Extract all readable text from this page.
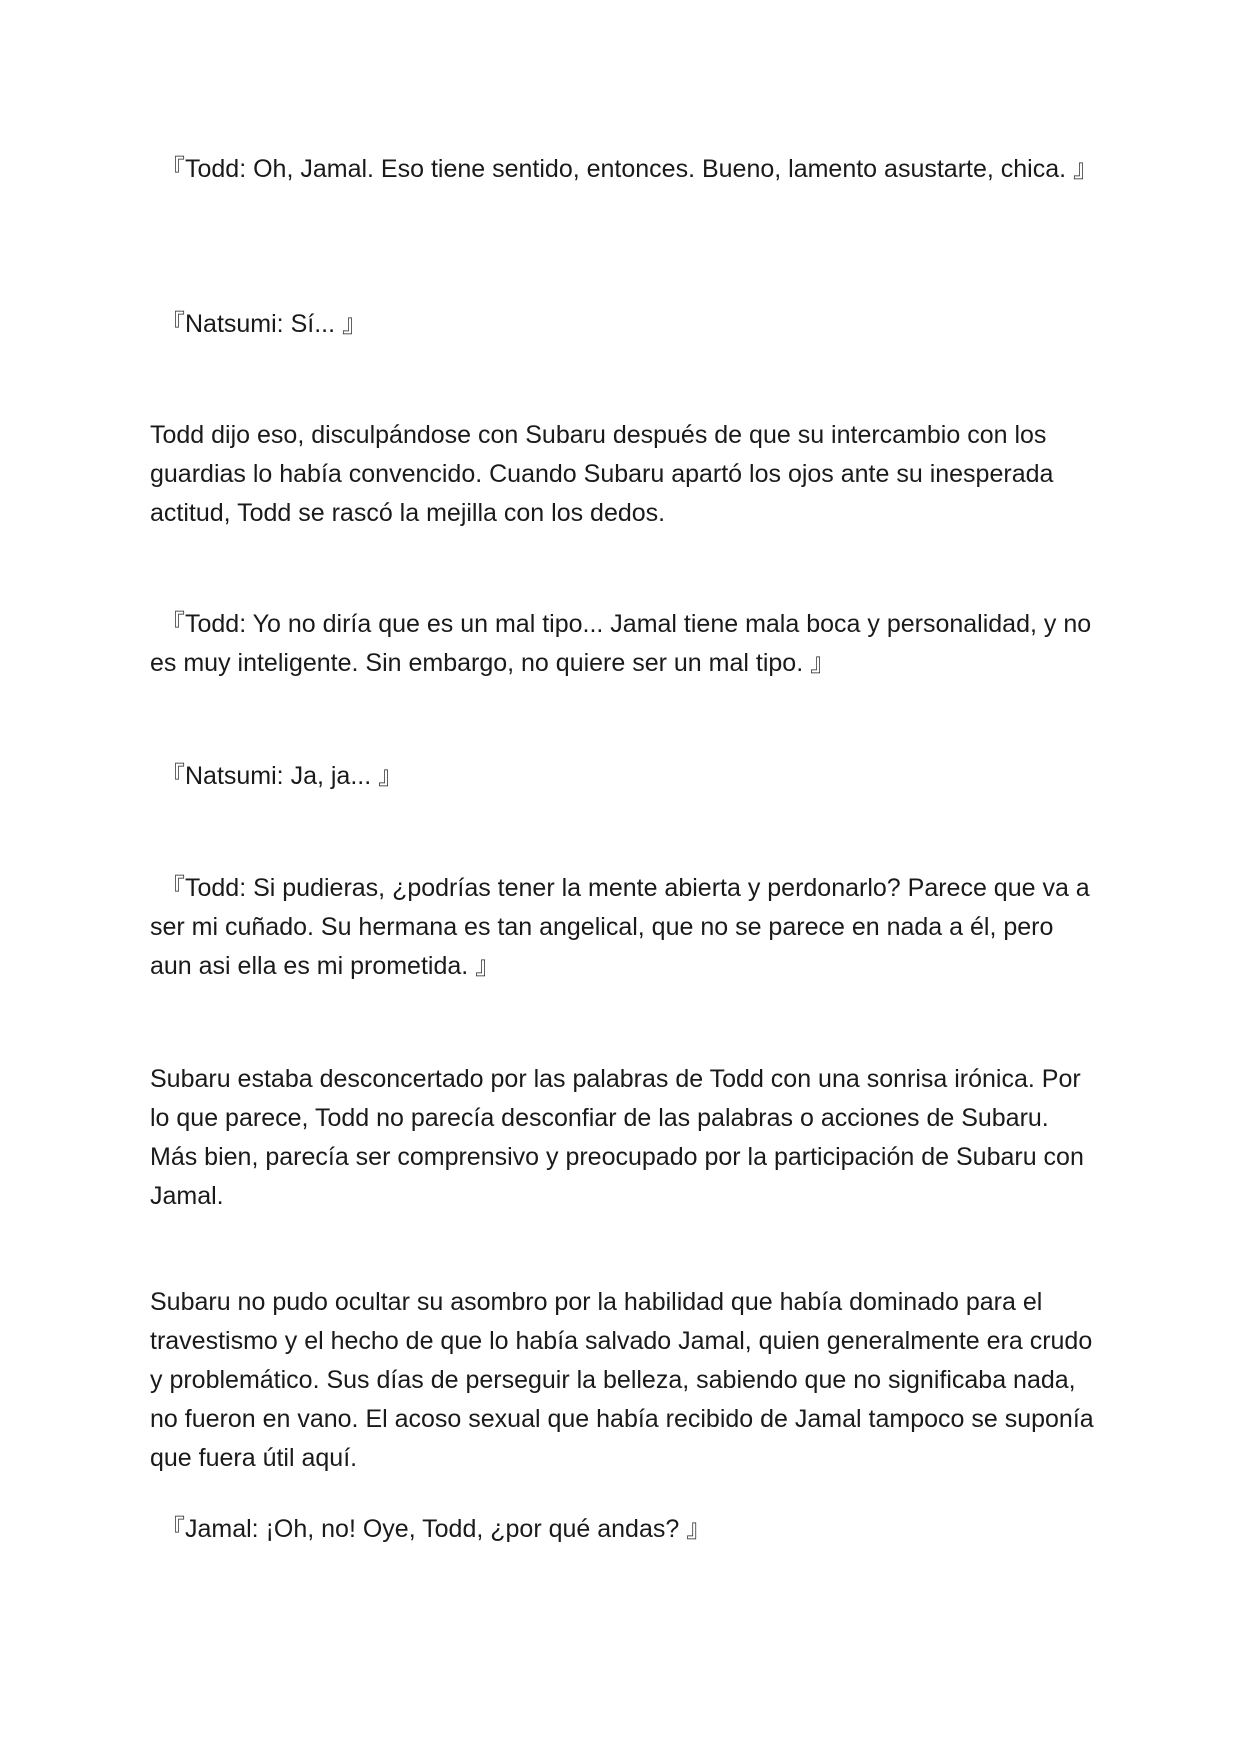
『Todd: Oh, Jamal. Eso tiene sentido, entonces. Bueno, lamento asustarte, chica. 』

『Natsumi: Sí... 』

Todd dijo eso, disculpándose con Subaru después de que su intercambio con los guardias lo había convencido. Cuando Subaru apartó los ojos ante su inesperada actitud, Todd se rascó la mejilla con los dedos.

『Todd: Yo no diría que es un mal tipo... Jamal tiene mala boca y personalidad, y no es muy inteligente. Sin embargo, no quiere ser un mal tipo. 』

『Natsumi: Ja, ja... 』

『Todd: Si pudieras, ¿podrías tener la mente abierta y perdonarlo? Parece que va a ser mi cuñado. Su hermana es tan angelical, que no se parece en nada a él, pero aun asi ella es mi prometida. 』

Subaru estaba desconcertado por las palabras de Todd con una sonrisa irónica. Por lo que parece, Todd no parecía desconfiar de las palabras o acciones de Subaru. Más bien, parecía ser comprensivo y preocupado por la participación de Subaru con Jamal.

Subaru no pudo ocultar su asombro por la habilidad que había dominado para el travestismo y el hecho de que lo había salvado Jamal, quien generalmente era crudo y problemático. Sus días de perseguir la belleza, sabiendo que no significaba nada, no fueron en vano. El acoso sexual que había recibido de Jamal tampoco se suponía que fuera útil aquí.

『Jamal: ¡Oh, no! Oye, Todd, ¿por qué andas? 』
